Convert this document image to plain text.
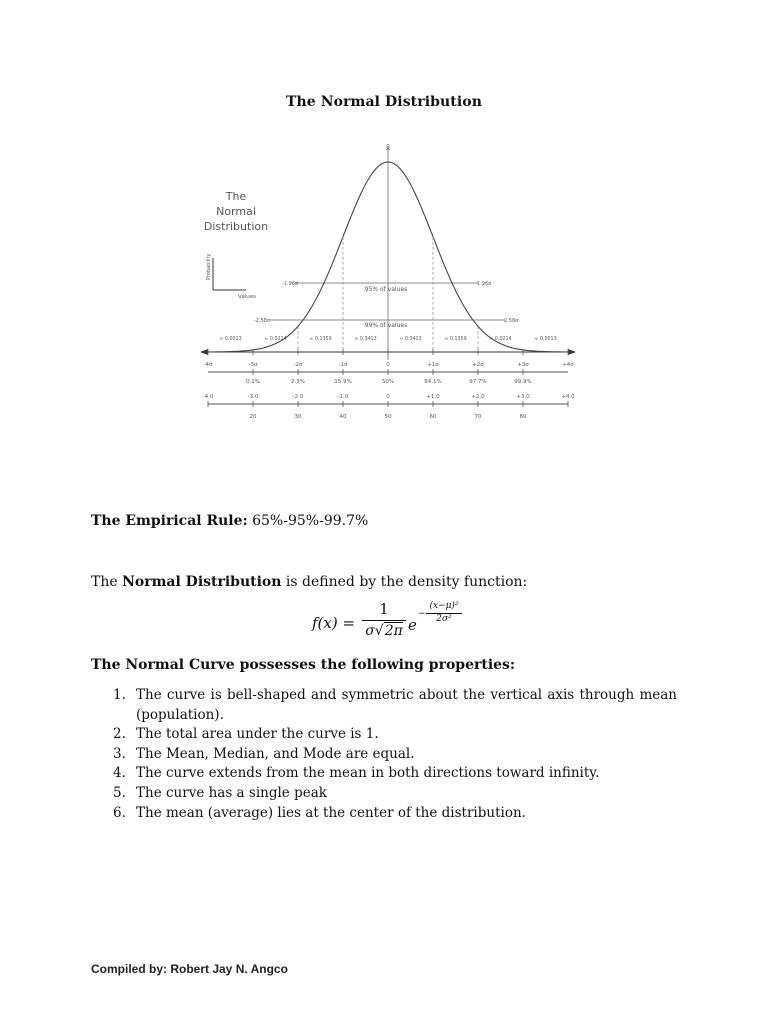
The Normal Distribution
The
Normal
Distribution
Probability
Values
x̄
95% of values
99% of values
-1.96σ	1.96σ
-2.58σ	2.58σ
≈ 0.0013	≈ 0.0214	≈ 0.1359	≈ 0.3413	≈ 0.3413	≈ 0.1359	≈ 0.0214	≈ 0.0013
-4σ	-3σ	-2σ	-1σ	0	+1σ	+2σ	+3σ	+4σ
0.1%	2.3%	15.9%	50%	84.1%	97.7%	99.9%
-4.0	-3.0	-2.0	-1.0	0	+1.0	+2.0	+3.0	+4.0
20	30	40	50	60	70	80
The Empirical Rule: 65%-95%-99.7%
The Normal Distribution is defined by the density function:
f(x) =
1
σ√2π e
−
(x−μ)²
2σ²
The Normal Curve possesses the following properties:
1. The curve is bell-shaped and symmetric about the vertical axis through mean (population).
2. The total area under the curve is 1.
3. The Mean, Median, and Mode are equal.
4. The curve extends from the mean in both directions toward infinity.
5. The curve has a single peak
6. The mean (average) lies at the center of the distribution.
Compiled by: Robert Jay N. Angco
